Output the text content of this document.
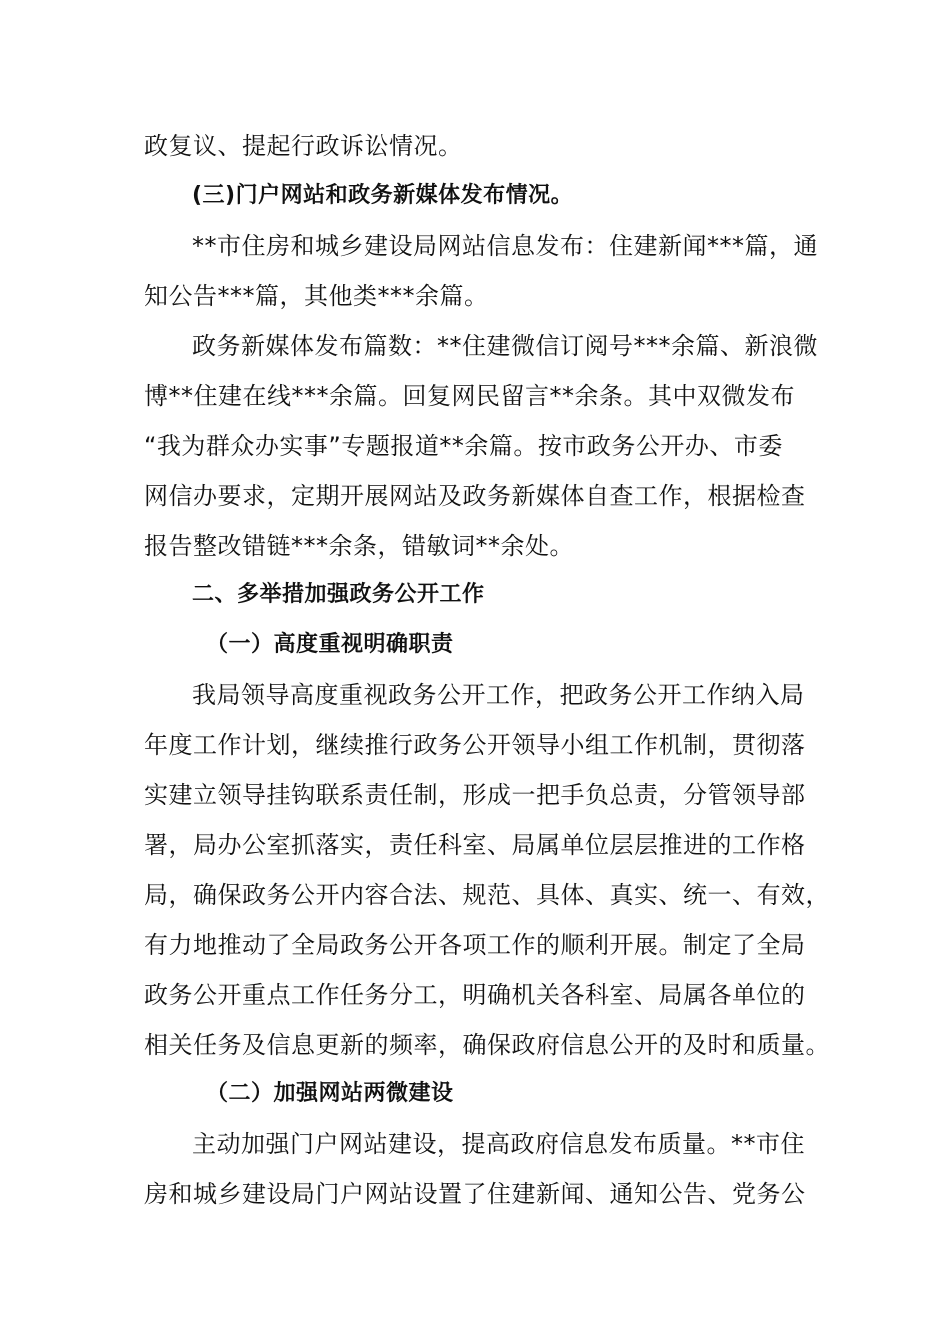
政复议、提起行政诉讼情况。
(三)门户网站和政务新媒体发布情况。
**市住房和城乡建设局网站信息发布：住建新闻***篇，通
知公告***篇，其他类***余篇。
政务新媒体发布篇数：**住建微信订阅号***余篇、新浪微
博**住建在线***余篇。回复网民留言**余条。其中双微发布
“我为群众办实事”专题报道**余篇。按市政务公开办、市委
网信办要求，定期开展网站及政务新媒体自查工作，根据检查
报告整改错链***余条，错敏词**余处。
二、多举措加强政务公开工作
（一）高度重视明确职责
我局领导高度重视政务公开工作，把政务公开工作纳入局
年度工作计划，继续推行政务公开领导小组工作机制，贯彻落
实建立领导挂钩联系责任制，形成一把手负总责，分管领导部
署，局办公室抓落实，责任科室、局属单位层层推进的工作格
局，确保政务公开内容合法、规范、具体、真实、统一、有效，
有力地推动了全局政务公开各项工作的顺利开展。制定了全局
政务公开重点工作任务分工，明确机关各科室、局属各单位的
相关任务及信息更新的频率，确保政府信息公开的及时和质量。
（二）加强网站两微建设
主动加强门户网站建设，提高政府信息发布质量。**市住
房和城乡建设局门户网站设置了住建新闻、通知公告、党务公
